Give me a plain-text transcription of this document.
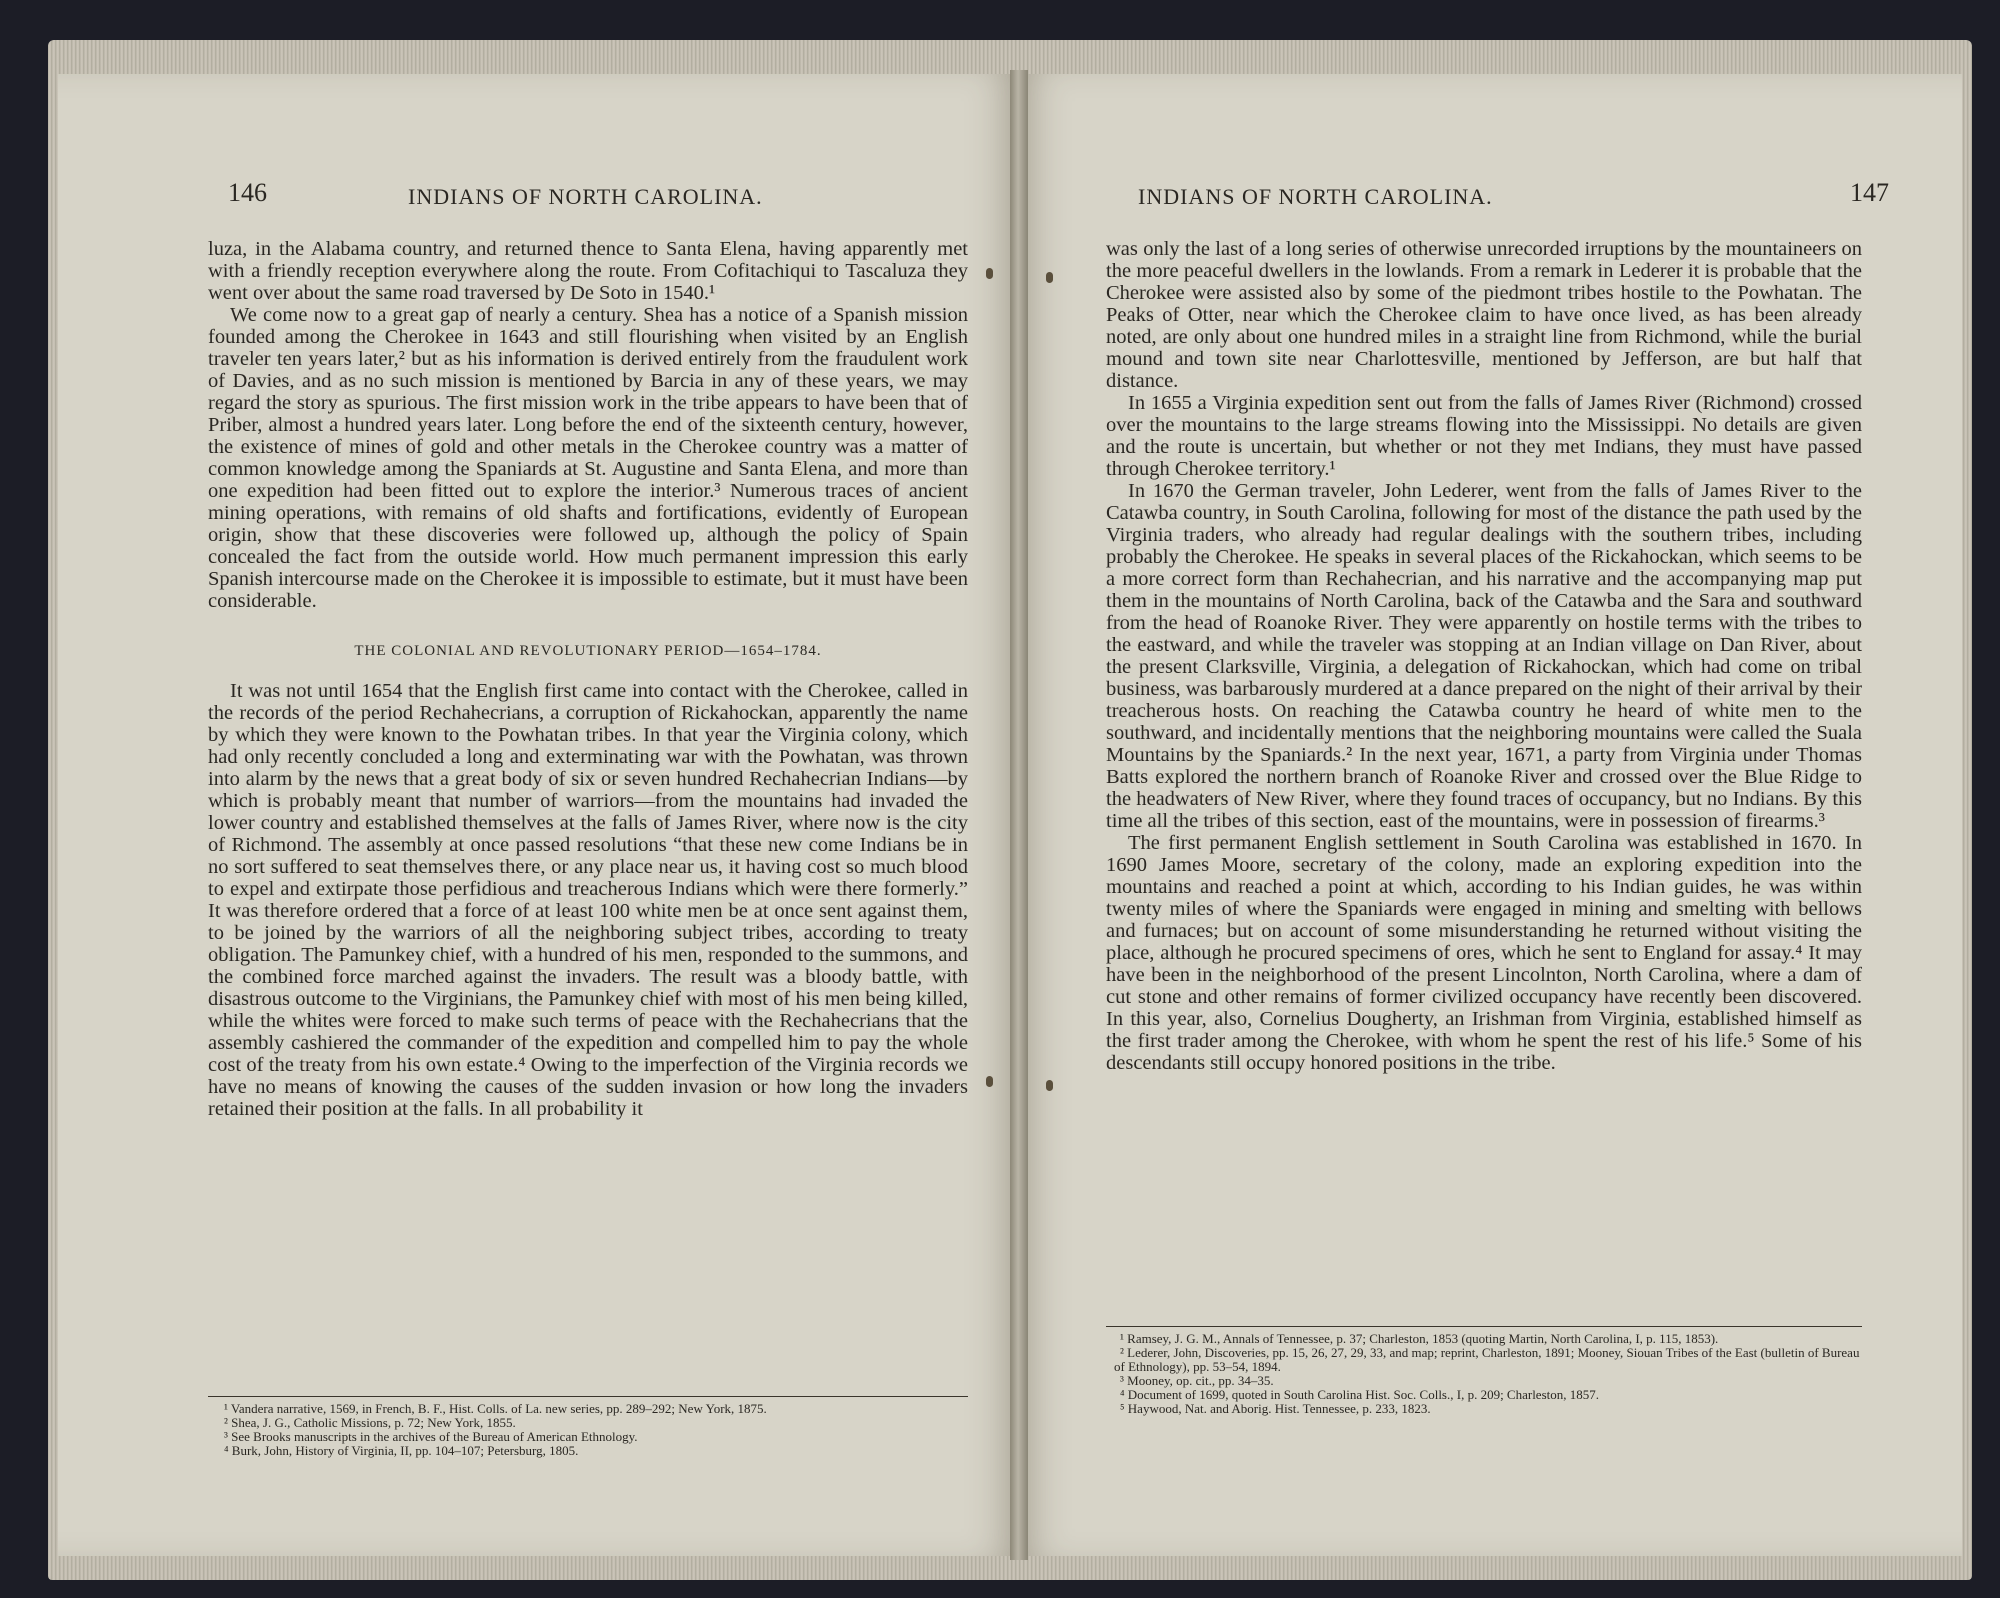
146	INDIANS OF NORTH CAROLINA.

luza, in the Alabama country, and returned thence to Santa Elena, having apparently met with a friendly reception everywhere along the route. From Cofitachiqui to Tascaluza they went over about the same road traversed by De Soto in 1540.¹

We come now to a great gap of nearly a century. Shea has a notice of a Spanish mission founded among the Cherokee in 1643 and still flourishing when visited by an English traveler ten years later,² but as his information is derived entirely from the fraudulent work of Davies, and as no such mission is mentioned by Barcia in any of these years, we may regard the story as spurious. The first mission work in the tribe appears to have been that of Priber, almost a hundred years later. Long before the end of the sixteenth century, however, the existence of mines of gold and other metals in the Cherokee country was a matter of common knowledge among the Spaniards at St. Augustine and Santa Elena, and more than one expedition had been fitted out to explore the interior.³ Numerous traces of ancient mining operations, with remains of old shafts and fortifications, evidently of European origin, show that these discoveries were followed up, although the policy of Spain concealed the fact from the outside world. How much permanent impression this early Spanish intercourse made on the Cherokee it is impossible to estimate, but it must have been considerable.

THE COLONIAL AND REVOLUTIONARY PERIOD—1654–1784.

It was not until 1654 that the English first came into contact with the Cherokee, called in the records of the period Rechahecrians, a corruption of Rickahockan, apparently the name by which they were known to the Powhatan tribes. In that year the Virginia colony, which had only recently concluded a long and exterminating war with the Powhatan, was thrown into alarm by the news that a great body of six or seven hundred Rechahecrian Indians—by which is probably meant that number of warriors—from the mountains had invaded the lower country and established themselves at the falls of James River, where now is the city of Richmond. The assembly at once passed resolutions “that these new come Indians be in no sort suffered to seat themselves there, or any place near us, it having cost so much blood to expel and extirpate those perfidious and treacherous Indians which were there formerly.” It was therefore ordered that a force of at least 100 white men be at once sent against them, to be joined by the warriors of all the neighboring subject tribes, according to treaty obligation. The Pamunkey chief, with a hundred of his men, responded to the summons, and the combined force marched against the invaders. The result was a bloody battle, with disastrous outcome to the Virginians, the Pamunkey chief with most of his men being killed, while the whites were forced to make such terms of peace with the Rechahecrians that the assembly cashiered the commander of the expedition and compelled him to pay the whole cost of the treaty from his own estate.⁴ Owing to the imperfection of the Virginia records we have no means of knowing the causes of the sudden invasion or how long the invaders retained their position at the falls. In all probability it

¹ Vandera narrative, 1569, in French, B. F., Hist. Colls. of La. new series, pp. 289–292; New York, 1875.
² Shea, J. G., Catholic Missions, p. 72; New York, 1855.
³ See Brooks manuscripts in the archives of the Bureau of American Ethnology.
⁴ Burk, John, History of Virginia, II, pp. 104–107; Petersburg, 1805.
INDIANS OF NORTH CAROLINA.	147

was only the last of a long series of otherwise unrecorded irruptions by the mountaineers on the more peaceful dwellers in the lowlands. From a remark in Lederer it is probable that the Cherokee were assisted also by some of the piedmont tribes hostile to the Powhatan. The Peaks of Otter, near which the Cherokee claim to have once lived, as has been already noted, are only about one hundred miles in a straight line from Richmond, while the burial mound and town site near Charlottesville, mentioned by Jefferson, are but half that distance.

In 1655 a Virginia expedition sent out from the falls of James River (Richmond) crossed over the mountains to the large streams flowing into the Mississippi. No details are given and the route is uncertain, but whether or not they met Indians, they must have passed through Cherokee territory.¹

In 1670 the German traveler, John Lederer, went from the falls of James River to the Catawba country, in South Carolina, following for most of the distance the path used by the Virginia traders, who already had regular dealings with the southern tribes, including probably the Cherokee. He speaks in several places of the Rickahockan, which seems to be a more correct form than Rechahecrian, and his narrative and the accompanying map put them in the mountains of North Carolina, back of the Catawba and the Sara and southward from the head of Roanoke River. They were apparently on hostile terms with the tribes to the eastward, and while the traveler was stopping at an Indian village on Dan River, about the present Clarksville, Virginia, a delegation of Rickahockan, which had come on tribal business, was barbarously murdered at a dance prepared on the night of their arrival by their treacherous hosts. On reaching the Catawba country he heard of white men to the southward, and incidentally mentions that the neighboring mountains were called the Suala Mountains by the Spaniards.² In the next year, 1671, a party from Virginia under Thomas Batts explored the northern branch of Roanoke River and crossed over the Blue Ridge to the headwaters of New River, where they found traces of occupancy, but no Indians. By this time all the tribes of this section, east of the mountains, were in possession of firearms.³

The first permanent English settlement in South Carolina was established in 1670. In 1690 James Moore, secretary of the colony, made an exploring expedition into the mountains and reached a point at which, according to his Indian guides, he was within twenty miles of where the Spaniards were engaged in mining and smelting with bellows and furnaces; but on account of some misunderstanding he returned without visiting the place, although he procured specimens of ores, which he sent to England for assay.⁴ It may have been in the neighborhood of the present Lincolnton, North Carolina, where a dam of cut stone and other remains of former civilized occupancy have recently been discovered. In this year, also, Cornelius Dougherty, an Irishman from Virginia, established himself as the first trader among the Cherokee, with whom he spent the rest of his life.⁵ Some of his descendants still occupy honored positions in the tribe.

¹ Ramsey, J. G. M., Annals of Tennessee, p. 37; Charleston, 1853 (quoting Martin, North Carolina, I, p. 115, 1853).
² Lederer, John, Discoveries, pp. 15, 26, 27, 29, 33, and map; reprint, Charleston, 1891; Mooney, Siouan Tribes of the East (bulletin of Bureau of Ethnology), pp. 53–54, 1894.
³ Mooney, op. cit., pp. 34–35.
⁴ Document of 1699, quoted in South Carolina Hist. Soc. Colls., I, p. 209; Charleston, 1857.
⁵ Haywood, Nat. and Aborig. Hist. Tennessee, p. 233, 1823.
